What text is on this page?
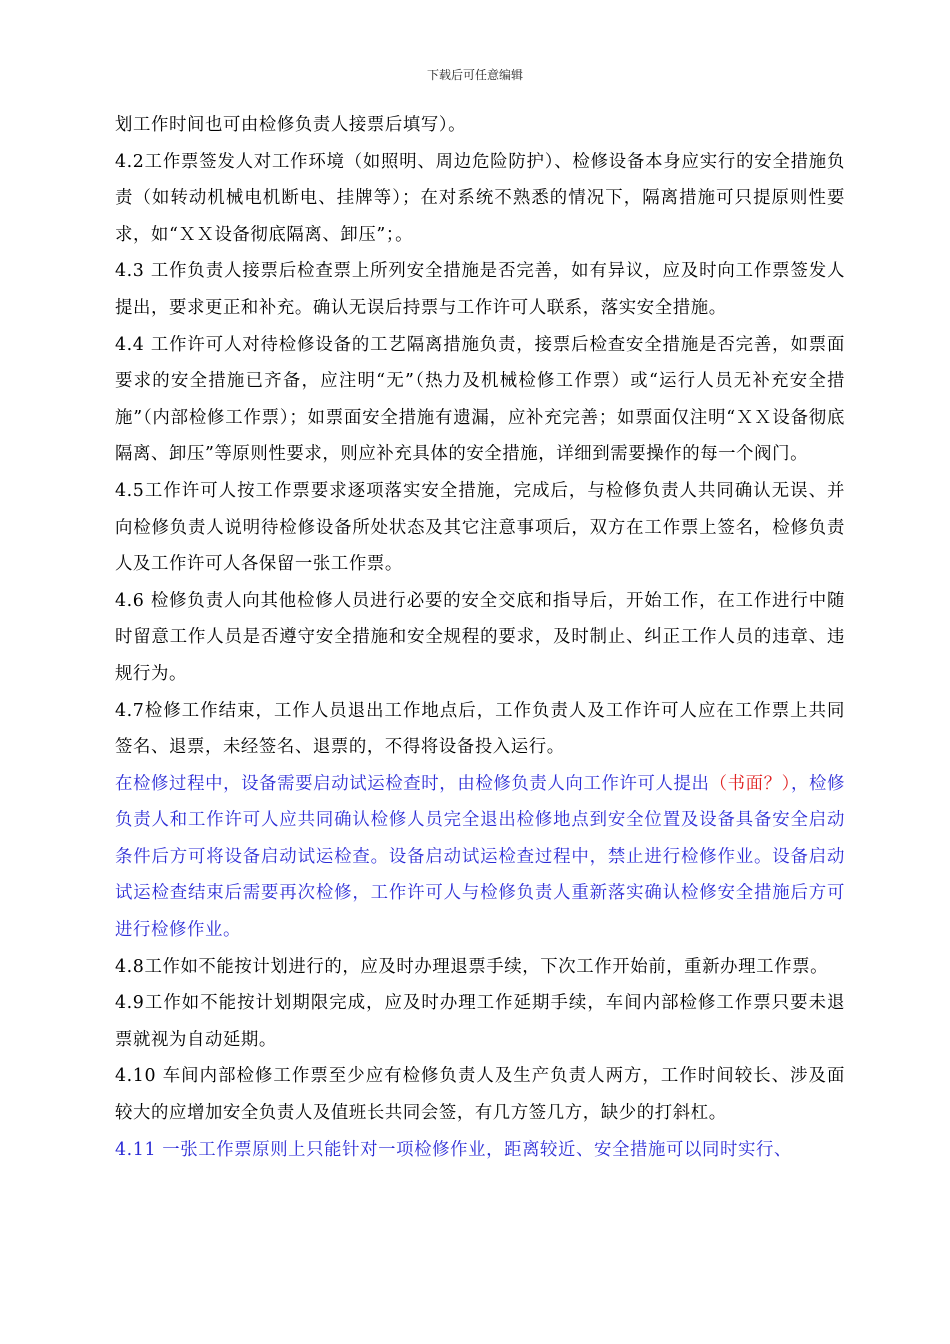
下载后可任意编辑

划工作时间也可由检修负责人接票后填写）。

4.2工作票签发人对工作环境（如照明、周边危险防护）、检修设备本身应实行的安全措施负责（如转动机械电机断电、挂牌等）；在对系统不熟悉的情况下，隔离措施可只提原则性要求，如“ＸＸ设备彻底隔离、卸压”；。

4.3 工作负责人接票后检查票上所列安全措施是否完善，如有异议，应及时向工作票签发人提出，要求更正和补充。确认无误后持票与工作许可人联系，落实安全措施。

4.4 工作许可人对待检修设备的工艺隔离措施负责，接票后检查安全措施是否完善，如票面要求的安全措施已齐备，应注明“无”（热力及机械检修工作票）或“运行人员无补充安全措施”（内部检修工作票）；如票面安全措施有遗漏，应补充完善；如票面仅注明“ＸＸ设备彻底隔离、卸压”等原则性要求，则应补充具体的安全措施，详细到需要操作的每一个阀门。

4.5工作许可人按工作票要求逐项落实安全措施，完成后，与检修负责人共同确认无误、并向检修负责人说明待检修设备所处状态及其它注意事项后，双方在工作票上签名，检修负责人及工作许可人各保留一张工作票。

4.6 检修负责人向其他检修人员进行必要的安全交底和指导后，开始工作，在工作进行中随时留意工作人员是否遵守安全措施和安全规程的要求，及时制止、纠正工作人员的违章、违规行为。

4.7检修工作结束，工作人员退出工作地点后，工作负责人及工作许可人应在工作票上共同签名、退票，未经签名、退票的，不得将设备投入运行。

在检修过程中，设备需要启动试运检查时，由检修负责人向工作许可人提出（书面？），检修负责人和工作许可人应共同确认检修人员完全退出检修地点到安全位置及设备具备安全启动条件后方可将设备启动试运检查。设备启动试运检查过程中，禁止进行检修作业。设备启动试运检查结束后需要再次检修，工作许可人与检修负责人重新落实确认检修安全措施后方可进行检修作业。

4.8工作如不能按计划进行的，应及时办理退票手续，下次工作开始前，重新办理工作票。

4.9工作如不能按计划期限完成，应及时办理工作延期手续，车间内部检修工作票只要未退票就视为自动延期。

4.10 车间内部检修工作票至少应有检修负责人及生产负责人两方，工作时间较长、涉及面较大的应增加安全负责人及值班长共同会签，有几方签几方，缺少的打斜杠。

4.11 一张工作票原则上只能针对一项检修作业，距离较近、安全措施可以同时实行、
